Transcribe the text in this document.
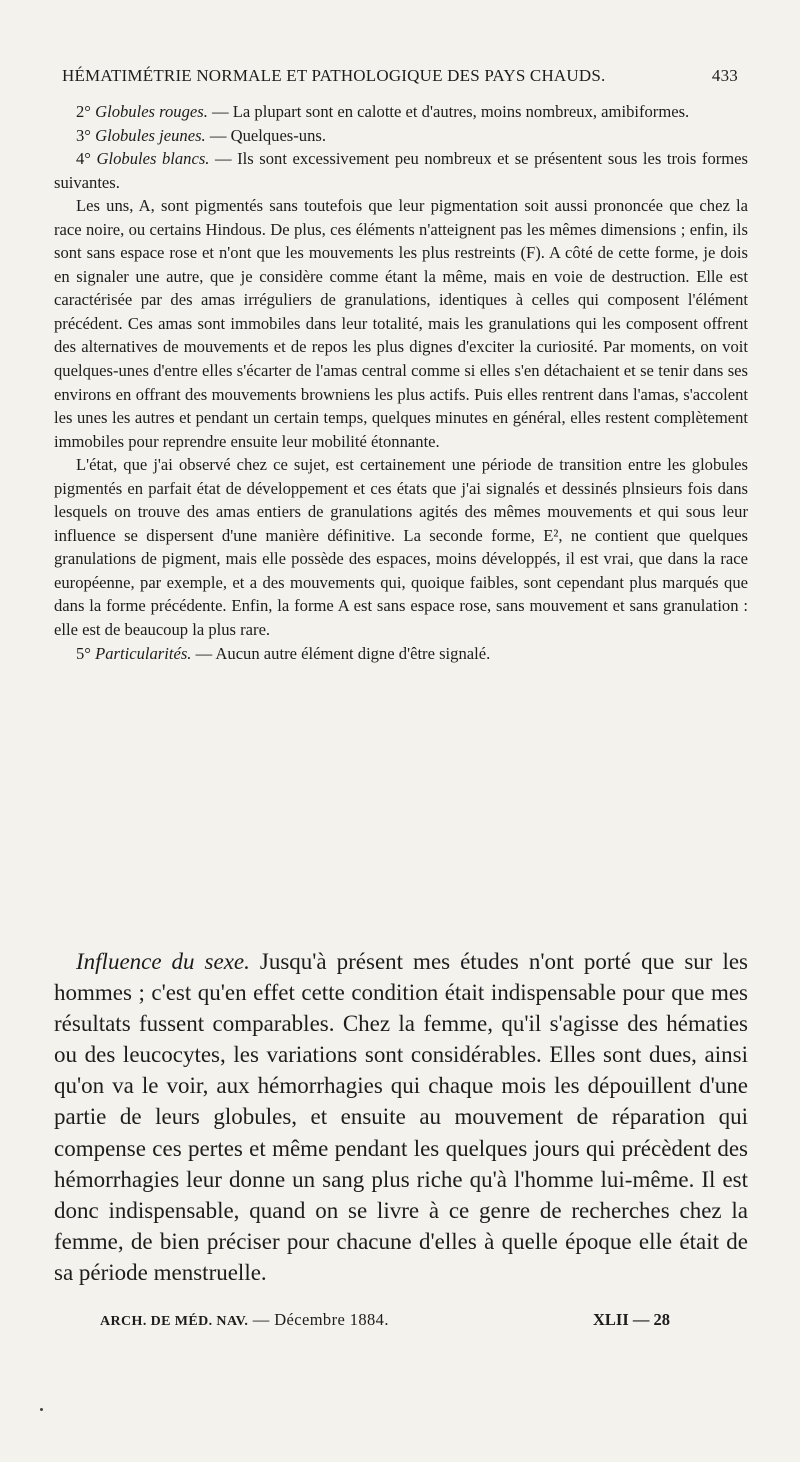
HÉMATIMÉTRIE NORMALE ET PATHOLOGIQUE DES PAYS CHAUDS.	433

2° Globules rouges. — La plupart sont en calotte et d'autres, moins nombreux, amibiformes.

3° Globules jeunes. — Quelques-uns.

4° Globules blancs. — Ils sont excessivement peu nombreux et se présentent sous les trois formes suivantes.

Les uns, A, sont pigmentés sans toutefois que leur pigmentation soit aussi prononcée que chez la race noire, ou certains Hindous. De plus, ces éléments n'atteignent pas les mêmes dimensions ; enfin, ils sont sans espace rose et n'ont que les mouvements les plus restreints (F). A côté de cette forme, je dois en signaler une autre, que je considère comme étant la même, mais en voie de destruction. Elle est caractérisée par des amas irréguliers de granulations, identiques à celles qui composent l'élément précédent. Ces amas sont immobiles dans leur totalité, mais les granulations qui les composent offrent des alternatives de mouvements et de repos les plus dignes d'exciter la curiosité. Par moments, on voit quelques-unes d'entre elles s'écarter de l'amas central comme si elles s'en détachaient et se tenir dans ses environs en offrant des mouvements browniens les plus actifs. Puis elles rentrent dans l'amas, s'accolent les unes les autres et pendant un certain temps, quelques minutes en général, elles restent complètement immobiles pour reprendre ensuite leur mobilité étonnante.

L'état, que j'ai observé chez ce sujet, est certainement une période de transition entre les globules pigmentés en parfait état de développement et ces états que j'ai signalés et dessinés plnsieurs fois dans lesquels on trouve des amas entiers de granulations agités des mêmes mouvements et qui sous leur influence se dispersent d'une manière définitive. La seconde forme, E², ne contient que quelques granulations de pigment, mais elle possède des espaces, moins développés, il est vrai, que dans la race européenne, par exemple, et a des mouvements qui, quoique faibles, sont cependant plus marqués que dans la forme précédente. Enfin, la forme A est sans espace rose, sans mouvement et sans granulation : elle est de beaucoup la plus rare.

5° Particularités. — Aucun autre élément digne d'être signalé.

Influence du sexe. Jusqu'à présent mes études n'ont porté que sur les hommes ; c'est qu'en effet cette condition était indispensable pour que mes résultats fussent comparables. Chez la femme, qu'il s'agisse des hématies ou des leucocytes, les variations sont considérables. Elles sont dues, ainsi qu'on va le voir, aux hémorrhagies qui chaque mois les dépouillent d'une partie de leurs globules, et ensuite au mouvement de réparation qui compense ces pertes et même pendant les quelques jours qui précèdent des hémorrhagies leur donne un sang plus riche qu'à l'homme lui-même. Il est donc indispensable, quand on se livre à ce genre de recherches chez la femme, de bien préciser pour chacune d'elles à quelle époque elle était de sa période menstruelle.

ARCH. DE MÉD. NAV. — Décembre 1884.	XLII — 28
